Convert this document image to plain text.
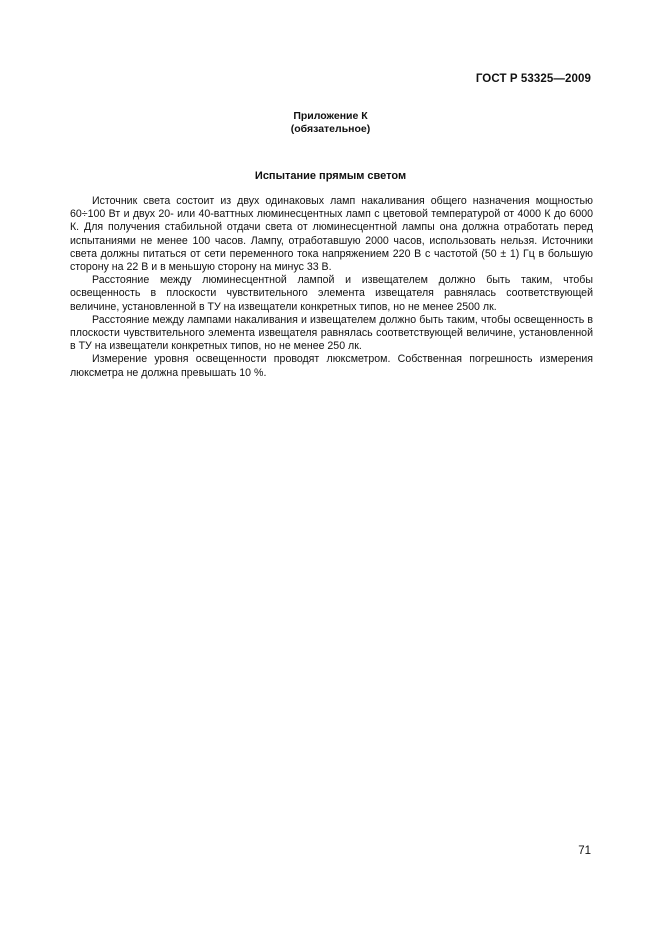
ГОСТ Р 53325—2009
Приложение К
(обязательное)
Испытание прямым светом

Источник света состоит из двух одинаковых ламп накаливания общего назначения мощностью 60÷100 Вт и двух 20- или 40-ваттных люминесцентных ламп с цветовой температурой от 4000 К до 6000 К. Для получения стабильной отдачи света от люминесцентной лампы она должна отработать перед испытаниями не менее 100 часов. Лампу, отработавшую 2000 часов, использовать нельзя. Источники света должны питаться от сети переменного тока напряжением 220 В с частотой (50 ± 1) Гц в большую сторону на 22 В и в меньшую сторону на минус 33 В.

Расстояние между люминесцентной лампой и извещателем должно быть таким, чтобы освещенность в плоскости чувствительного элемента извещателя равнялась соответствующей величине, установленной в ТУ на извещатели конкретных типов, но не менее 2500 лк.

Расстояние между лампами накаливания и извещателем должно быть таким, чтобы освещенность в плоскости чувствительного элемента извещателя равнялась соответствующей величине, установленной в ТУ на извещатели конкретных типов, но не менее 250 лк.

Измерение уровня освещенности проводят люксметром. Собственная погрешность измерения люксметра не должна превышать 10 %.

71
